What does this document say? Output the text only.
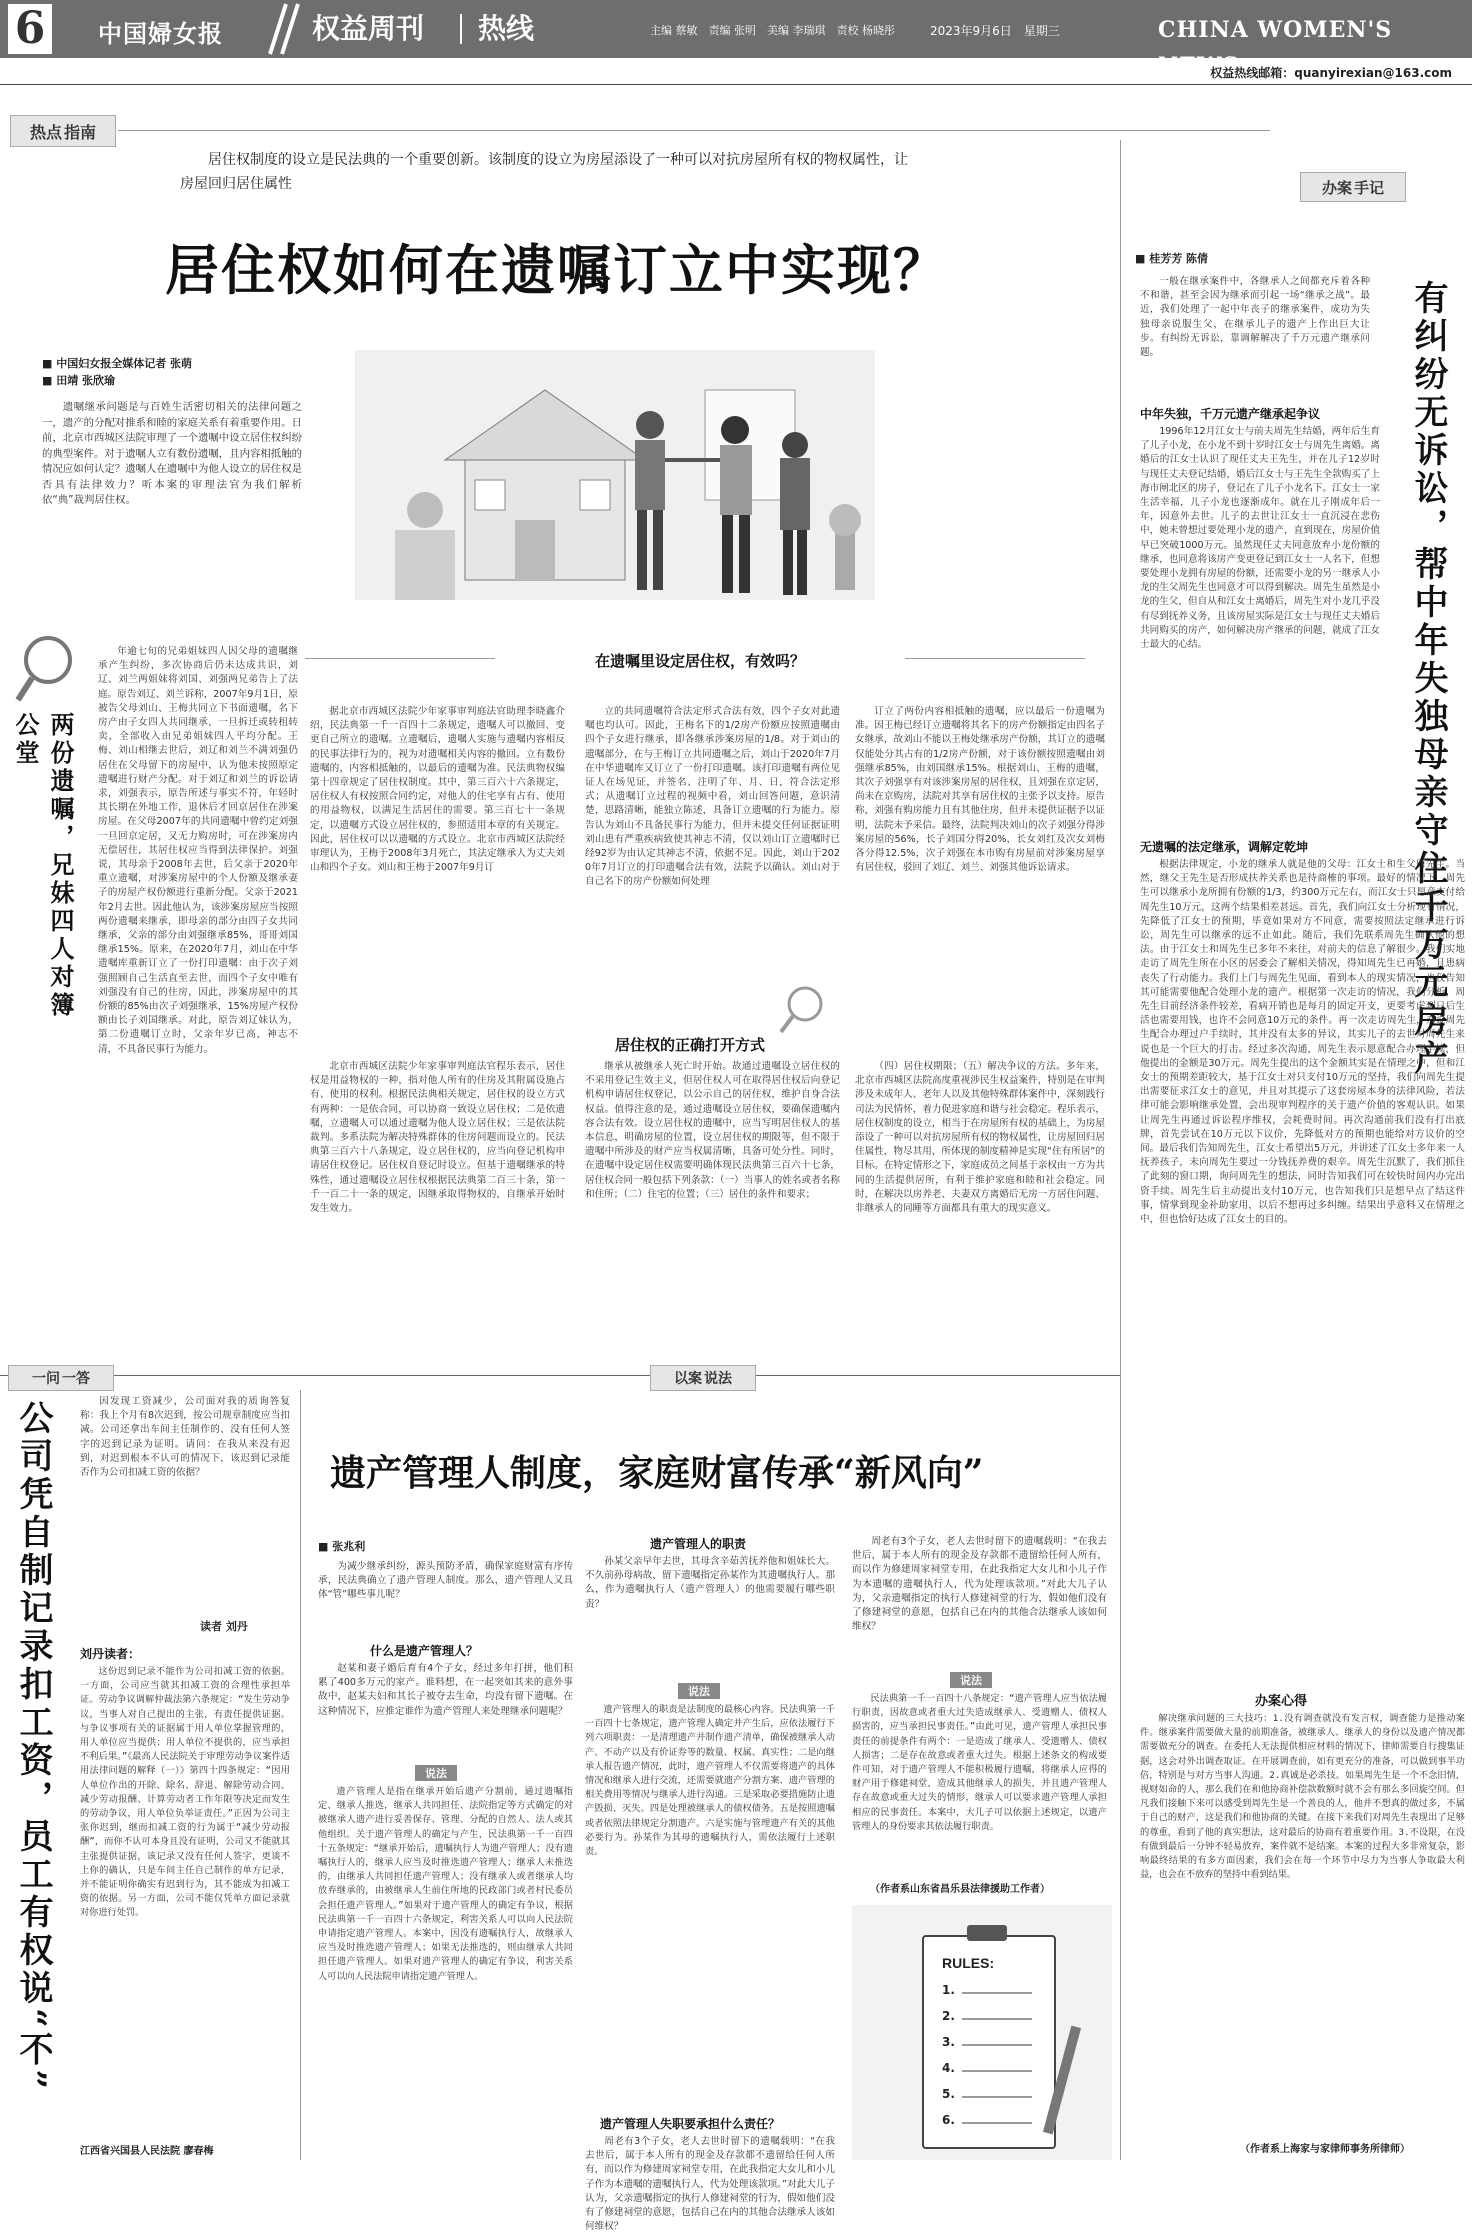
6 中国婦女报	权益周刊 热线	主编 蔡敏　责编 张明　美编 李瑞琪　责校 杨晓彤	2023年9月6日　星期三	CHINA WOMEN'S NEWS
权益热线邮箱：quanyirexian@163.com
热点 指南
居住权制度的设立是民法典的一个重要创新。该制度的设立为房屋添设了一种可以对抗房屋所有权的物权属性，让房屋回归居住属性
居住权如何在遗嘱订立中实现？
■ 中国妇女报全媒体记者 张萌
■ 田靖 张欣瑜

遗嘱继承问题是与百姓生活密切相关的法律问题之一，遗产的分配对推系和睦的家庭关系有着重要作用。日前，北京市西城区法院审理了一个遗嘱中设立居住权纠纷的典型案件。对于遗嘱人立有数份遗嘱，且内容相抵触的情况应如何认定？遗嘱人在遗嘱中为他人设立的居住权是否具有法律效力？听本案的审理法官为我们解析依“典”裁判居住权。

在遗嘱里设定居住权，有效吗？
两份遗嘱，兄妹四人对簿公堂

年逾七旬的兄弟姐妹四人因父母的遗嘱继承产生纠纷，多次协商后仍未达成共识，刘辽、刘兰两姐妹将刘国、刘强两兄弟告上了法庭。原告刘辽、刘兰诉称，2007年9月1日，原被告父母刘山、王梅共同立下书面遗嘱，名下房产由子女四人共同继承，一旦拆迁或转租转卖，全部收入由兄弟姐妹四人平均分配。王梅、刘山相继去世后，刘辽和刘兰不满刘强仍居住在父母留下的房屋中，认为他未按照原定遗嘱进行财产分配。对于刘辽和刘兰的诉讼请求，刘强表示，原告所述与事实不符，年轻时其长期在外地工作，退休后才回京居住在涉案房屋。在父母2007年的共同遗嘱中曾约定刘强一旦回京定居，又无力购房时，可在涉案房内无偿居住，其居住权应当得到法律保护。刘强说，其母亲于2008年去世，后父亲于2020年重立遗嘱，对涉案房屋中的个人份额及继承妻子的房屋产权份额进行重新分配。父亲于2021年2月去世。因此他认为，该涉案房屋应当按照两份遗嘱来继承，即母亲的部分由四子女共同继承，父亲的部分由刘强继承85%，哥哥刘国继承15%。原来，在2020年7月，刘山在中华遗嘱库重新订立了一份打印遗嘱：由于次子刘强照顾自己生活直至去世，而四个子女中唯有刘强没有自己的住房，因此，涉案房屋中的其份额的85%由次子刘强继承，15%房屋产权份额由长子刘国继承。对此，原告刘辽妹认为，第二份遗嘱订立时，父亲年岁已高，神志不清，不具备民事行为能力。

据北京市西城区法院少年家事审判庭法官助理李晓鑫介绍，民法典第一千一百四十二条规定，遗嘱人可以撤回、变更自己所立的遗嘱。立遗嘱后，遗嘱人实施与遗嘱内容相反的民事法律行为的，视为对遗嘱相关内容的撤回。立有数份遗嘱的，内容相抵触的，以最后的遗嘱为准。民法典物权编第十四章规定了居住权制度。其中，第三百六十六条规定，居住权人有权按照合同约定，对他人的住宅享有占有、使用的用益物权，以满足生活居住的需要。第三百七十一条规定，以遗嘱方式设立居住权的，参照适用本章的有关规定。因此，居住权可以以遗嘱的方式设立。北京市西城区法院经审理认为，王梅于2008年3月死亡，其法定继承人为丈夫刘山和四个子女。刘山和王梅于2007年9月订

立的共同遗嘱符合法定形式合法有效，四个子女对此遗嘱也均认可。因此，王梅名下的1/2房产份额应按照遗嘱由四个子女进行继承，即各继承涉案房屋的1/8。对于刘山的遗嘱部分，在与王梅订立共同遗嘱之后，刘山于2020年7月在中华遗嘱库又订立了一份打印遗嘱。该打印遗嘱有两位见证人在场见证，并签名、注明了年、月、日，符合法定形式；从遗嘱订立过程的视频中看，刘山回答问题，意识清楚，思路清晰，能独立陈述，具备订立遗嘱的行为能力。原告认为刘山不具备民事行为能力，但并未提交任何证据证明刘山患有严重疾病致使其神志不清，仅以刘山订立遗嘱时已经92岁为由认定其神志不清，依据不足。因此，刘山于2020年7月订立的打印遗嘱合法有效，法院予以确认。刘山对于自己名下的房产份额如何处理

订立了两份内容相抵触的遗嘱，应以最后一份遗嘱为准。因王梅已经订立遗嘱将其名下的房产份额指定由四名子女继承，故刘山不能以王梅处继承房产份额，其订立的遗嘱仅能处分其占有的1/2房产份额，对于该份额按照遗嘱由刘强继承85%，由刘国继承15%。根据刘山、王梅的遗嘱，其次子刘强享有对该涉案房屋的居住权，且刘强在京定居，尚未在京购房，法院对其享有居住权的主张予以支持。原告称，刘强有购房能力且有其他住房，但并未提供证据予以证明，法院未予采信。最终，法院判决刘山的次子刘强分得涉案房屋的56%，长子刘国分得20%，长女刘红及次女刘梅各分得12.5%，次子刘强在本市购有房屋前对涉案房屋享有居住权，驳回了刘辽、刘兰、刘强其他诉讼请求。

居住权的正确打开方式

北京市西城区法院少年家事审判庭法官程乐表示，居住权是用益物权的一种，指对他人所有的住房及其附属设施占有、使用的权利。根据民法典相关规定，居住权的设立方式有两种：一是依合同，可以协商一致设立居住权；二是依遗嘱，立遗嘱人可以通过遗嘱为他人设立居住权；三是依法院裁判。多系法院为解决特殊群体的住房问题而设立的。民法典第三百六十八条规定，设立居住权的，应当向登记机构申请居住权登记。居住权自登记时设立。但基于遗嘱继承的特殊性，通过遗嘱设立居住权根据民法典第二百三十条，第一千一百二十一条的规定，因继承取得物权的，自继承开始时发生效力。

继承从被继承人死亡时开始。故通过遗嘱设立居住权的不采用登记生效主义，但居住权人可在取得居住权后向登记机构申请居住权登记，以公示自己的居住权，维护自身合法权益。值得注意的是，通过遗嘱设立居住权，要确保遗嘱内容合法有效。设立居住权的遗嘱中，应当写明居住权人的基本信息，明确房屋的位置，设立居住权的期限等，但不限于遗嘱中所涉及的财产应当权属清晰，具备可处分性。同时，在遗嘱中设定居住权需要明确体现民法典第三百六十七条，居住权合同一般包括下列条款：（一）当事人的姓名或者名称和住所；（二）住宅的位置；（三）居住的条件和要求；

（四）居住权期限；（五）解决争议的方法。多年来，北京市西城区法院高度重视涉民生权益案件，特别是在审判涉及未成年人、老年人以及其他特殊群体案件中，深刻践行司法为民情怀，着力促进家庭和谐与社会稳定。程乐表示，居住权制度的设立，相当于在房屋所有权的基础上，为房屋添设了一种可以对抗房屋所有权的物权属性，让房屋回归居住属性，物尽其用，所体现的制度精神是实现“住有所居”的目标。在特定情形之下，家庭成员之间基于亲权由一方为共同的生活提供居所，有利于维护家庭和睦和社会稳定。同时，在解决以房养老、夫妻双方离婚后无房一方居住问题、非继承人的同睡等方面都具有重大的现实意义。

办案 手记
■ 桂芳芳 陈倩
有纠纷无诉讼，帮中年失独母亲守住千万元房产

一般在继承案件中，各继承人之间都充斥着各种不和谐，甚至会因为继承而引起一场“继承之战”。最近，我们处理了一起中年丧子的继承案件，成功为失独母亲说服生父，在继承儿子的遗产上作出巨大让步。有纠纷无诉讼，靠调解解决了千万元遗产继承问题。

中年失独，千万元遗产继承起争议

1996年12月江女士与前夫周先生结婚，两年后生育了儿子小龙，在小龙不到十岁时江女士与周先生离婚。离婚后的江女士认识了现任丈夫王先生，并在儿子12岁时与现任丈夫登记结婚，婚后江女士与王先生全款购买了上海市闸北区的房子，登记在了儿子小龙名下。江女士一家生活幸福，儿子小龙也逐渐成年。就在儿子刚成年后一年，因意外去世。儿子的去世让江女士一直沉浸在悲伤中，她未曾想过要处理小龙的遗产，直到现在，房屋价值早已突破1000万元。虽然现任丈夫同意放弃小龙份额的继承，也同意将该房产变更登记到江女士一人名下，但想要处理小龙拥有房屋的份额，还需要小龙的另一继承人小龙的生父周先生也同意才可以得到解决。周先生虽然是小龙的生父，但自从和江女士离婚后，周先生对小龙几乎没有尽到抚养义务，且该房屋实际是江女士与现任丈夫婚后共同购买的房产，如何解决房产继承的问题，就成了江女士最大的心结。

无遗嘱的法定继承，调解定乾坤

根据法律规定，小龙的继承人就是他的父母：江女士和生父周先生。当然，继父王先生是否形成扶养关系也是待商榷的事项。最好的情况下，周先生可以继承小龙所拥有份额的1/3，约300万元左右，而江女士只愿意支付给周先生10万元，这两个结果相差甚远。首先，我们向江女士分析现有情况，先降低了江女士的预期，毕竟如果对方不同意，需要按照法定继承进行诉讼，周先生可以继承的远不止如此。随后，我们先联系周先生确认他的想法。由于江女士和周先生已多年不来往，对前夫的信息了解很少。我们实地走访了周先生所在小区的居委会了解相关情况，得知周先生已再婚，且患病丧失了行动能力。我们上门与周先生见面，看到本人的现实情况，也仅告知其可能需要他配合处理小龙的遗产。根据第一次走访的情况，我们分析，周先生目前经济条件较差，看病开销也是每月的固定开支，更要考虑到日后生活也需要用钱，也许不会同意10万元的条件。再一次走访周先生，劝说周先生配合办理过户手续时，其并没有太多的异议，其实儿子的去世对周先生来说也是一个巨大的打击。经过多次沟通，周先生表示愿意配合办理手续，但他提出的金额是30万元。周先生提出的这个金额其实是在情理之中，但和江女士的预期差距较大，基于江女士对只支付10万元的坚持，我们向周先生提出需要征求江女士的意见，并且对其提示了这套房屋本身的法律风险，若法律可能会影响继承处置，会出现审判程序的关于遗产价值的客观认识。如果让周先生再通过诉讼程序维权，会耗费时间。再次沟通前我们没有打出底牌，首先尝试在10万元以下议价，先降低对方的预期也能给对方议价的空间。最后我们告知周先生，江女士希望出5万元，并讲述了江女士多年来一人抚养孩子，未向周先生要过一分钱抚养费的艰辛。周先生沉默了，我们抓住了此刻的窗口期，询问周先生的想法，同时告知我们可在较快时间内办完出资手续。周先生后主动提出支付10万元，也告知我们只是想早点了结这件事，情掌到现金补助家用，以后不想再过多纠缠。结果出乎意料又在情理之中，但也恰好达成了江女士的目的。

办案心得

解决继承问题的三大技巧：1.没有调查就没有发言权，调查能力是推动案件。继承案件需要做大量的前期准备，被继承人、继承人的身份以及遗产情况都需要做充分的调查。在委托人无法提供相应材料的情况下，律师需要自行搜集证据，这会对外出调查取证。在开展调查前，如有更充分的准备，可以做到事半功倍，特别是与对方当事人沟通。2.真诚是必杀技。如果周先生是一个不念旧情，视财如命的人，那么我们在和他协商补偿款数额时就不会有那么多回旋空间。但凡我们接触下来可以感受到周先生是一个善良的人，他并不想真的做过多，不属于自己的财产，这是我们和他协商的关键。在接下来我们对周先生表现出了足够的尊重，看到了他的真实想法，这对最后的协商有着重要作用。3.不设限，在没有做到最后一分钟不轻易放弃，案件就不是结案。本案的过程大多非常复杂，影响最终结果的有多方面因素，我们会在每一个环节中尽力为当事人争取最大利益，也会在不放弃的坚持中看到结果。

（作者系上海家与家律师事务所律师）
一问 一答	以案 说法
公司凭自制记录扣工资，员工有权说“不”	因发现工资减少，公司面对我的质询答复称：我上个月有8次迟到，按公司规章制度应当扣减。公司还拿出车间主任制作的、没有任何人签字的迟到记录为证明。请问：在我从来没有迟到，对迟到根本不认可的情况下，该迟到记录能否作为公司扣减工资的依据？

读者 刘丹
刘丹读者：

这份迟到记录不能作为公司扣减工资的依据。一方面，公司应当就其扣减工资的合理性承担举证。劳动争议调解仲裁法第六条规定：“发生劳动争议，当事人对自己提出的主张，有责任提供证据。与争议事项有关的证据属于用人单位掌握管理的，用人单位应当提供；用人单位不提供的，应当承担不利后果。”《最高人民法院关于审理劳动争议案件适用法律问题的解释（一）》第四十四条规定：“因用人单位作出的开除、除名、辞退、解除劳动合同、减少劳动报酬、计算劳动者工作年限等决定而发生的劳动争议，用人单位负举证责任。”正因为公司主张你迟到，继而扣减工资的行为属于“减少劳动报酬”，而你不认可本身且没有证明，公司又不能就其主张提供证据，该记录又没有任何人签字，更谈不上你的确认，只是车间主任自己制作的单方记录，并不能证明你确实有迟到行为，其不能成为扣减工资的依据。另一方面，公司不能仅凭单方面记录就对你进行处罚。

江西省兴国县人民法院 廖春梅
遗产管理人制度，家庭财富传承“新风向”
■ 张兆利

为减少继承纠纷，源头预防矛盾，确保家庭财富有序传承，民法典确立了遗产管理人制度。那么，遗产管理人又具体“管”哪些事儿呢？

什么是遗产管理人？

赵某和妻子婚后育有4个子女，经过多年打拼，他们积累了400多万元的家产。谁料想，在一起突如其来的意外事故中，赵某夫妇和其长子被夺去生命，均没有留下遗嘱。在这种情况下，应推定谁作为遗产管理人来处理继承问题呢？

说法

遗产管理人是指在继承开始后遗产分割前，通过遗嘱指定、继承人推选，继承人共同担任、法院指定等方式确定的对被继承人遗产进行妥善保存、管理、分配的自然人、法人或其他组织。关于遗产管理人的确定与产生，民法典第一千一百四十五条规定：“继承开始后，遗嘱执行人为遗产管理人；没有遗嘱执行人的，继承人应当及时推选遗产管理人；继承人未推选的，由继承人共同担任遗产管理人；没有继承人或者继承人均放弃继承的，由被继承人生前住所地的民政部门或者村民委员会担任遗产管理人。”如果对于遗产管理人的确定有争议，根据民法典第一千一百四十六条规定，利害关系人可以向人民法院申请指定遗产管理人。本案中，因没有遗嘱执行人，故继承人应当及时推选遗产管理人；如果无法推选的，则由继承人共同担任遗产管理人。如果对遗产管理人的确定有争议，利害关系人可以向人民法院申请指定遗产管理人。

遗产管理人的职责

孙某父亲早年去世，其母含辛茹苦抚养他和姐妹长大。不久前孙母病故，留下遗嘱指定孙某作为其遗嘱执行人。那么，作为遗嘱执行人（遗产管理人）的他需要履行哪些职责？

说法

遗产管理人的职责是法制度的最核心内容。民法典第一千一百四十七条规定，遗产管理人确定并产生后，应依法履行下列六项职责：一是清理遗产并制作遗产清单，确保被继承人动产、不动产以及有价证券等的数量、权属、真实性；二是向继承人报告遗产情况，此时，遗产管理人不仅需要将遗产的具体情况和继承人进行交流，还需要就遗产分割方案、遗产管理的相关费用等情况与继承人进行沟通。三是采取必要措施防止遗产毁损、灭失。四是处理被继承人的债权债务。五是按照遗嘱或者依照法律规定分割遗产。六是实施与管理遗产有关的其他必要行为。孙某作为其母的遗嘱执行人，需依法履行上述职责。

遗产管理人失职要承担什么责任？

周老有3个子女，老人去世时留下的遗嘱载明：“在我去世后，属于本人所有的现金及存款都不遗留给任何人所有，而以作为修建周家祠堂专用，在此我指定大女儿和小儿子作为本遗嘱的遗嘱执行人，代为处理该款项。”对此大儿子认为，父亲遗嘱指定的执行人修建祠堂的行为，假如他们没有了修建祠堂的意愿，包括自己在内的其他合法继承人该如何维权？

周老有3个子女，老人去世时留下的遗嘱载明：“在我去世后，属于本人所有的现金及存款都不遗留给任何人所有，而以作为修建周家祠堂专用，在此我指定大女儿和小儿子作为本遗嘱的遗嘱执行人，代为处理该款项。”对此大儿子认为，父亲遗嘱指定的执行人修建祠堂的行为，假如他们没有了修建祠堂的意愿，包括自己在内的其他合法继承人该如何维权？

说法

民法典第一千一百四十八条规定：“遗产管理人应当依法履行职责，因故意或者重大过失造成继承人、受遗赠人、债权人损害的，应当承担民事责任。”由此可见，遗产管理人承担民事责任的前提条件有两个：一是造成了继承人、受遗赠人、债权人损害；二是存在故意或者重大过失。根据上述条文的构成要件可知，对于遗产管理人不能积极履行遗嘱，将继承人应得的财产用于修建祠堂，造成其他继承人的损失，并且遗产管理人存在故意或重大过失的情形，继承人可以要求遗产管理人承担相应的民事责任。本案中，大儿子可以依据上述规定，以遗产管理人的身份要求其依法履行职责。

（作者系山东省昌乐县法律援助工作者）
RULES:
1.
2.
3.
4.
5.
6.
